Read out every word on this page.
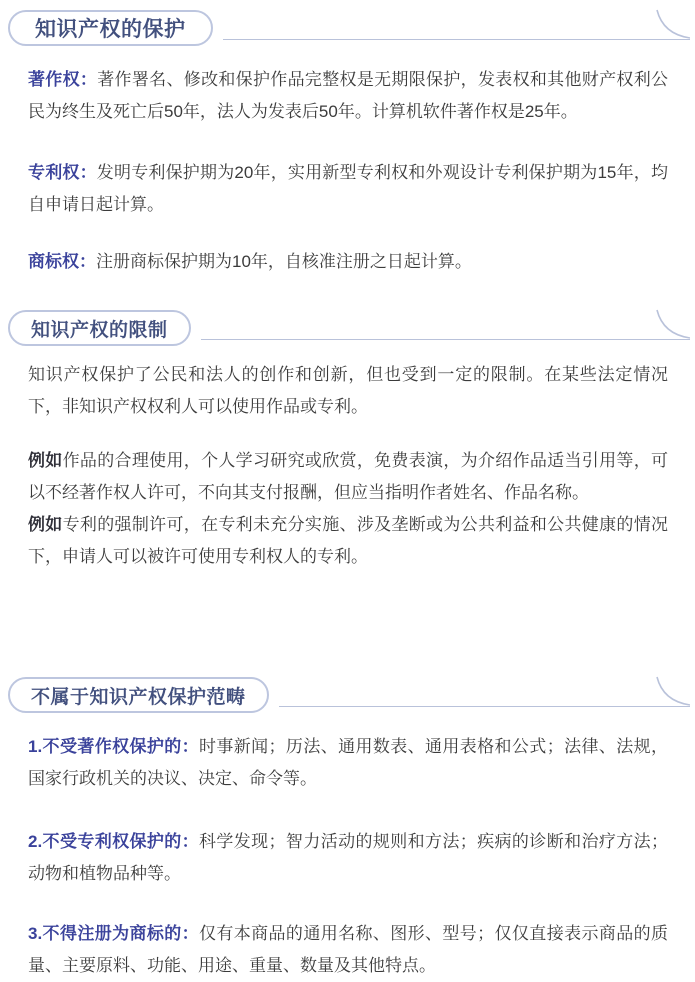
知识产权的保护

著作权：著作署名、修改和保护作品完整权是无期限保护，发表权和其他财产权利公民为终生及死亡后50年，法人为发表后50年。计算机软件著作权是25年。

专利权：发明专利保护期为20年，实用新型专利权和外观设计专利保护期为15年，均自申请日起计算。

商标权：注册商标保护期为10年，自核准注册之日起计算。

知识产权的限制

知识产权保护了公民和法人的创作和创新，但也受到一定的限制。在某些法定情况下，非知识产权权利人可以使用作品或专利。

例如作品的合理使用，个人学习研究或欣赏，免费表演，为介绍作品适当引用等，可以不经著作权人许可，不向其支付报酬，但应当指明作者姓名、作品名称。

例如专利的强制许可，在专利未充分实施、涉及垄断或为公共利益和公共健康的情况下，申请人可以被许可使用专利权人的专利。

不属于知识产权保护范畴

1.不受著作权保护的：时事新闻；历法、通用数表、通用表格和公式；法律、法规，国家行政机关的决议、决定、命令等。

2.不受专利权保护的：科学发现；智力活动的规则和方法；疾病的诊断和治疗方法；动物和植物品种等。

3.不得注册为商标的：仅有本商品的通用名称、图形、型号；仅仅直接表示商品的质量、主要原料、功能、用途、重量、数量及其他特点。
